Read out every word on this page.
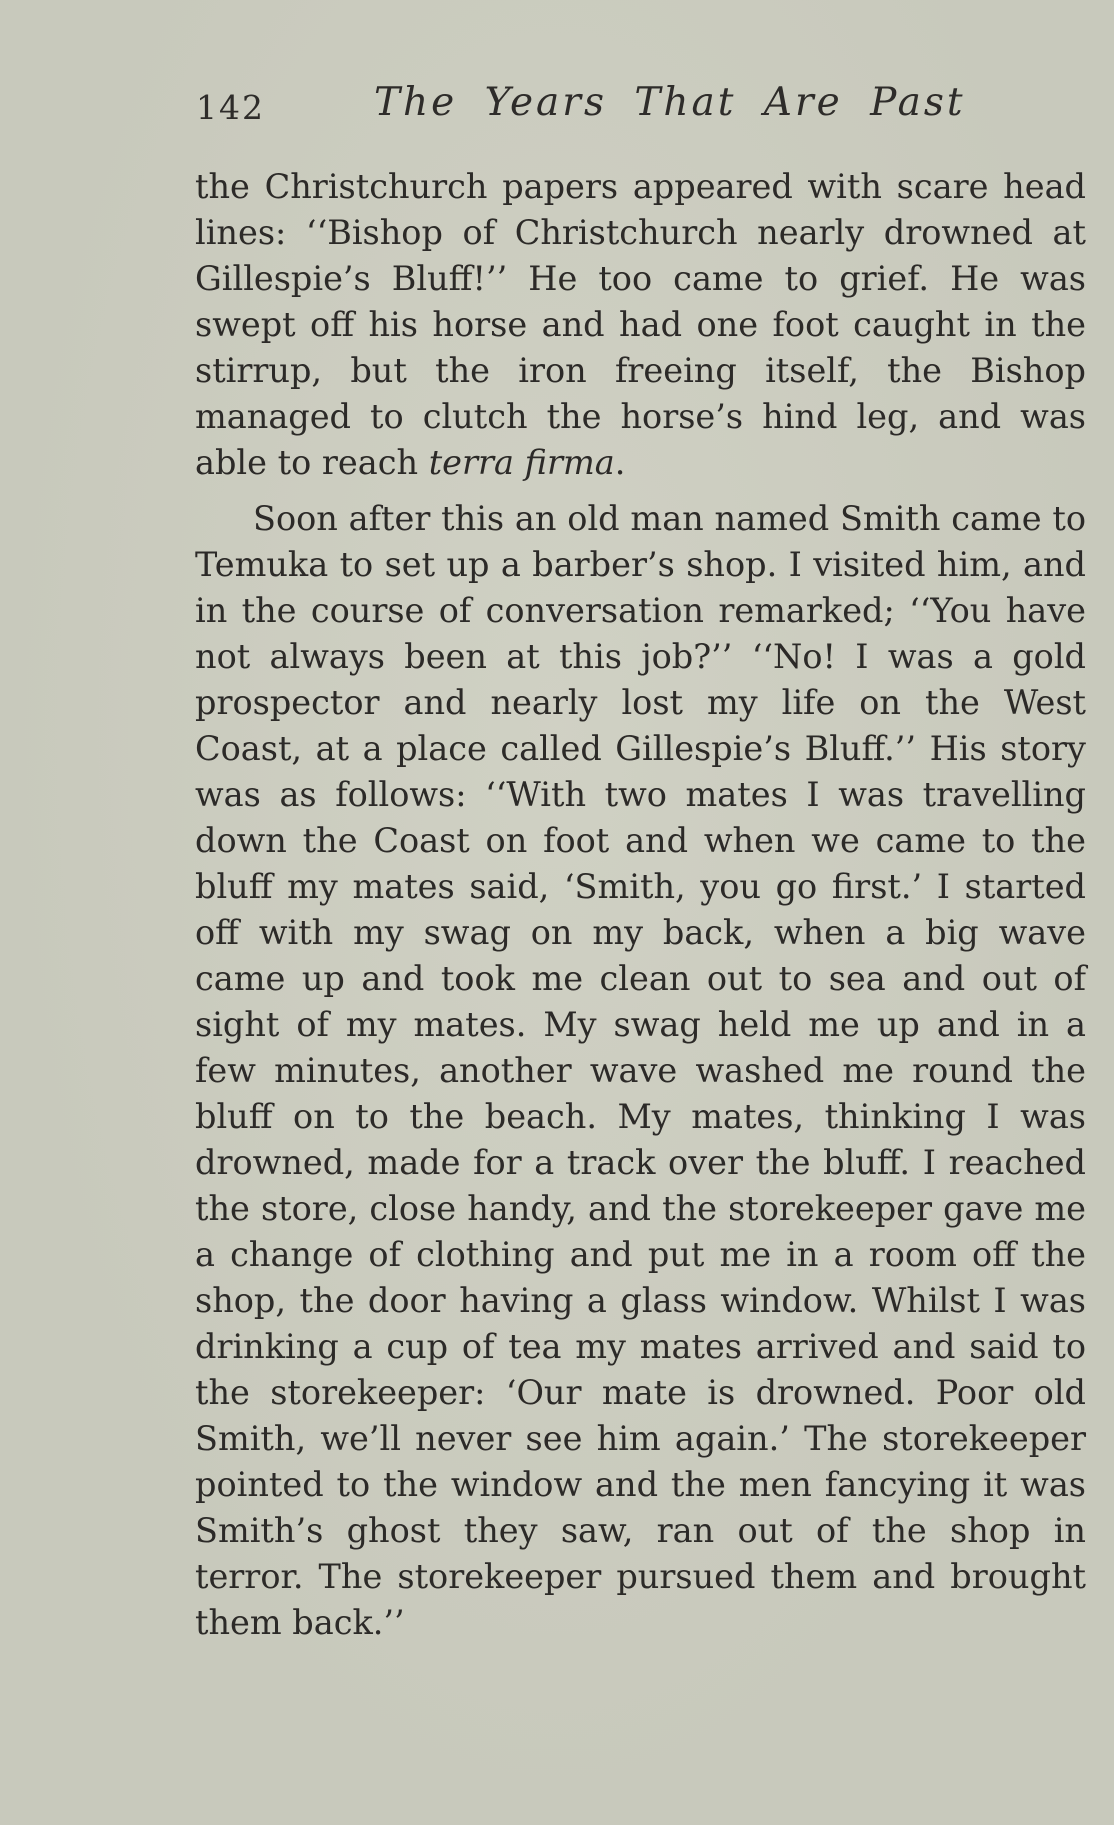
142	The Years That Are Past

the Christchurch papers appeared with scare head lines: ‘‘Bishop of Christchurch nearly drowned at Gillespie’s Bluff!’’ He too came to grief. He was swept off his horse and had one foot caught in the stirrup, but the iron freeing itself, the Bishop managed to clutch the horse’s hind leg, and was able to reach terra firma.

Soon after this an old man named Smith came to Temuka to set up a barber’s shop. I visited him, and in the course of conversation remarked; ‘‘You have not always been at this job?’’ ‘‘No! I was a gold prospector and nearly lost my life on the West Coast, at a place called Gillespie’s Bluff.’’ His story was as follows: ‘‘With two mates I was travelling down the Coast on foot and when we came to the bluff my mates said, ‘Smith, you go first.’ I started off with my swag on my back, when a big wave came up and took me clean out to sea and out of sight of my mates. My swag held me up and in a few minutes, another wave washed me round the bluff on to the beach. My mates, thinking I was drowned, made for a track over the bluff. I reached the store, close handy, and the storekeeper gave me a change of clothing and put me in a room off the shop, the door having a glass window. Whilst I was drinking a cup of tea my mates arrived and said to the storekeeper: ‘Our mate is drowned. Poor old Smith, we’ll never see him again.’ The storekeeper pointed to the window and the men fancying it was Smith’s ghost they saw, ran out of the shop in terror. The storekeeper pursued them and brought them back.’’
